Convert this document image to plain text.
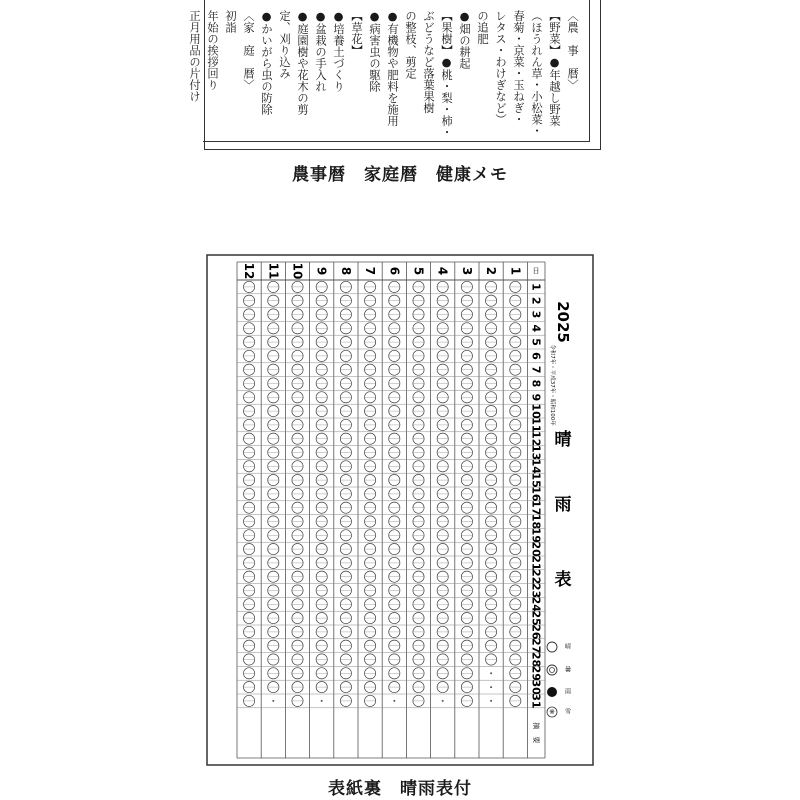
〈農　事　暦〉
【野菜】●年越し野菜
（ほうれん草・小松菜・
春菊・京菜・玉ねぎ・
レタス・わけぎなど）
の追肥
●畑の耕起
【果樹】●桃・梨・柿・
ぶどうなど落葉果樹
の整枝、剪定
●有機物や肥料を施用
●病害虫の駆除
【草花】
●培養土づくり
●盆栽の手入れ
●庭園樹や花木の剪
定、刈り込み
●かいがら虫の防除
〈家　庭　暦〉
初詣
年始の挨拶回り
正月用品の片付け
農事暦　家庭暦　健康メモ
1
2
3
4
5
6
7
8
9
10
11
12	日
1
2
3
4
5
6
7
8
9
10
11
12
13
14
15
16
17
18
19
20
21
22
23
24
25
26
27
28
29
30
31
摘　要
2025
令和7年・平成37年・昭和100年
晴
雨
表
晴
曇
雨
※ 雪
表紙裏　晴雨表付
